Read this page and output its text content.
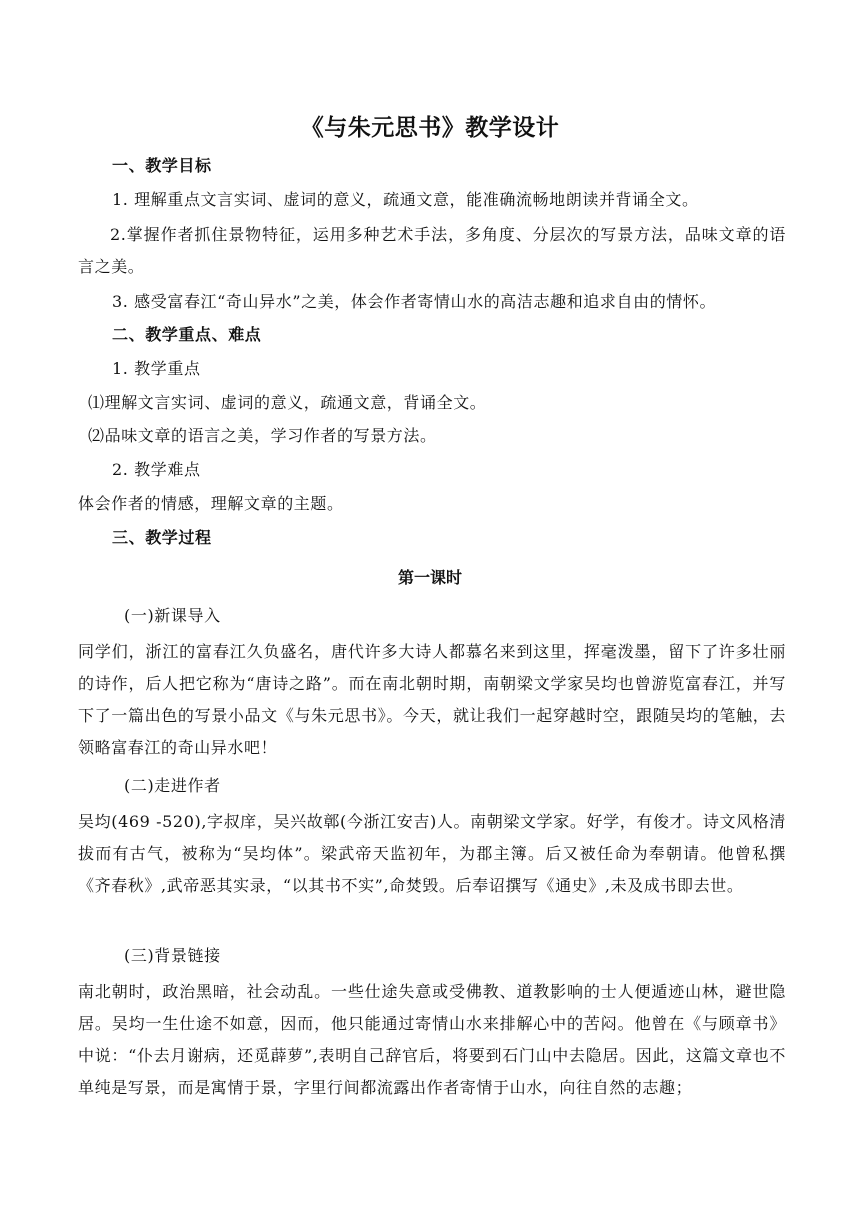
《与朱元思书》教学设计
一、教学目标
1. 理解重点文言实词、虚词的意义，疏通文意，能准确流畅地朗读并背诵全文。
2.掌握作者抓住景物特征，运用多种艺术手法，多角度、分层次的写景方法，品味文章的语言之美。
3. 感受富春江“奇山异水”之美，体会作者寄情山水的高洁志趣和追求自由的情怀。
二、教学重点、难点
1. 教学重点
⑴理解文言实词、虚词的意义，疏通文意，背诵全文。
⑵品味文章的语言之美，学习作者的写景方法。
2. 教学难点
体会作者的情感，理解文章的主题。
三、教学过程
第一课时
(一)新课导入
同学们，浙江的富春江久负盛名，唐代许多大诗人都慕名来到这里，挥毫泼墨，留下了许多壮丽的诗作，后人把它称为“唐诗之路”。而在南北朝时期，南朝梁文学家吴均也曾游览富春江，并写下了一篇出色的写景小品文《与朱元思书》。今天，就让我们一起穿越时空，跟随吴均的笔触，去领略富春江的奇山异水吧！
(二)走进作者
吴均(469 -520),字叔庠，吴兴故鄣(今浙江安吉)人。南朝梁文学家。好学，有俊才。诗文风格清拔而有古气，被称为“吴均体”。梁武帝天监初年，为郡主簿。后又被任命为奉朝请。他曾私撰《齐春秋》,武帝恶其实录，“以其书不实”,命焚毁。后奉诏撰写《通史》,未及成书即去世。
(三)背景链接
南北朝时，政治黑暗，社会动乱。一些仕途失意或受佛教、道教影响的士人便遁迹山林，避世隐居。吴均一生仕途不如意，因而，他只能通过寄情山水来排解心中的苦闷。他曾在《与顾章书》中说：“仆去月谢病，还觅薜萝”,表明自己辞官后，将要到石门山中去隐居。因此，这篇文章也不单纯是写景，而是寓情于景，字里行间都流露出作者寄情于山水，向往自然的志趣；
